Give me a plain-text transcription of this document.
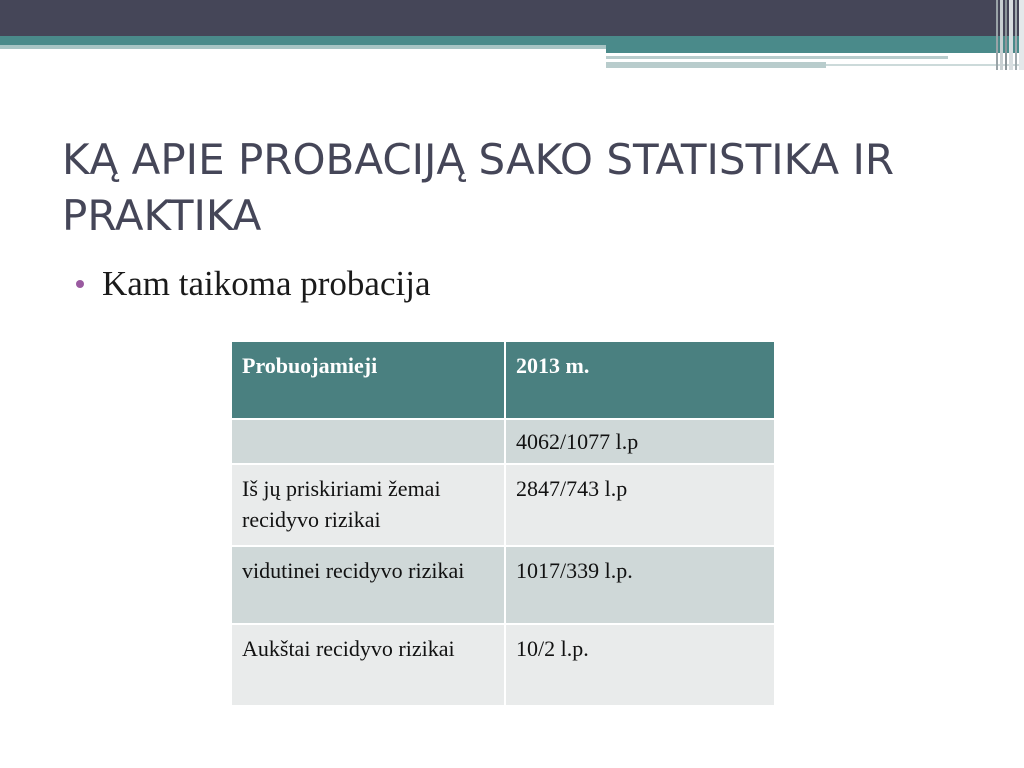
KĄ APIE PROBACIJĄ SAKO STATISTIKA IR PRAKTIKA
Kam taikoma probacija
Probuojamieji	2013 m.
	4062/1077 l.p
Iš jų priskiriami žemai recidyvo rizikai	2847/743 l.p
vidutinei recidyvo rizikai	1017/339 l.p.
Aukštai recidyvo rizikai	10/2 l.p.
